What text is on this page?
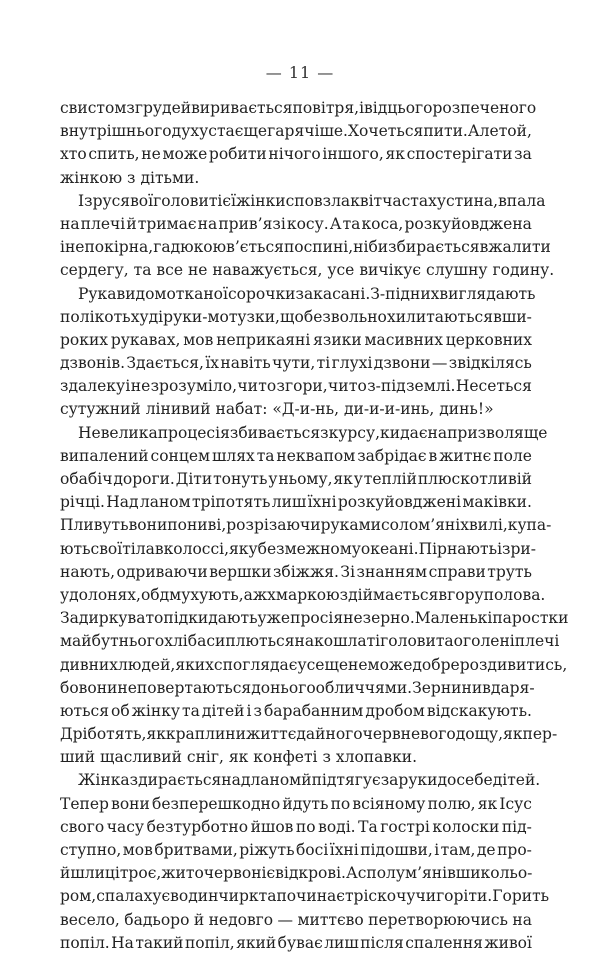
— 11 —
свистом з грудей виривається повітря, і від цього розпеченого
внутрішнього духу стає ще гарячіше. Хочеться пити. Але той,
хто спить, не може робити нічого іншого, як спостерігати за
жінкою з дітьми.
Із русявої голови тієї жінки сповзла квітчаста хустина, впала
на плечі й тримає на прив’язі косу. А та коса, розкуйовджена
і непокірна, гадюкою в’ється по спині, ніби збирається вжалити
сердегу, та все не наважується, усе вичікує слушну годину.
Рукави домотканої сорочки закасані. З-під них виглядають
по лікоть худі руки-мотузки, що безвольно хилитаються в ши-
роких рукавах, мов неприкаяні язики масивних церковних
дзвонів. Здається, їх навіть чути, ті глухі дзвони — звідкілясь
здалеку і не зрозуміло, чи то згори, чи то з-під землі. Несеться
сутужний лінивий набат: «Д-и-нь, ди-и-и-инь, динь!»
Невелика процесія збивається з курсу, кидає напризволяще
випалений сонцем шлях та неквапом забрідає в житнє поле
обабіч дороги. Діти тонуть у ньому, як у теплій плюскотливій
річці. Над ланом тріпотять лиш їхні розкуйовджені маківки.
Пливуть вони по ниві, розрізаючи руками солом’яні хвилі, купа-
ють свої тіла в колоссі, як у безмежному океані. Пірнають і зри-
нають, одриваючи вершки збіжжя. Зі знанням справи труть
у долонях, обдмухують, аж хмаркою здіймається вгору полова.
Задиркувато підкидають уже просіяне зерно. Маленькі паростки
майбутнього хліба сиплються на кошлаті голови та оголені плечі
дивних людей, яких споглядає усе ще не може добре роздивитись,
бо вони не повертаються до нього обличчями. Зернини вдаря-
ються об жінку та дітей і з барабанним дробом відскакують.
Дріботять, як краплини життєдайного червневого дощу, як пер-
ший щасливий сніг, як конфеті з хлопавки.
Жінка здирається над ланом й підтягує за руки до себе дітей.
Тепер вони безперешкодно йдуть по всіяному полю, як Ісус
свого часу безтурботно йшов по воді. Та гострі колоски під-
ступно, мов бритвами, ріжуть босі їхні підошви, і там, де про-
йшли ці троє, жито червоніє від крові. А сполум’янівши кольо-
ром, спалахує в один чирк та починає тріскочучи горіти. Горить
весело, бадьоро й недовго — миттєво перетворюючись на
попіл. На такий попіл, який буває лиш після спалення живої
